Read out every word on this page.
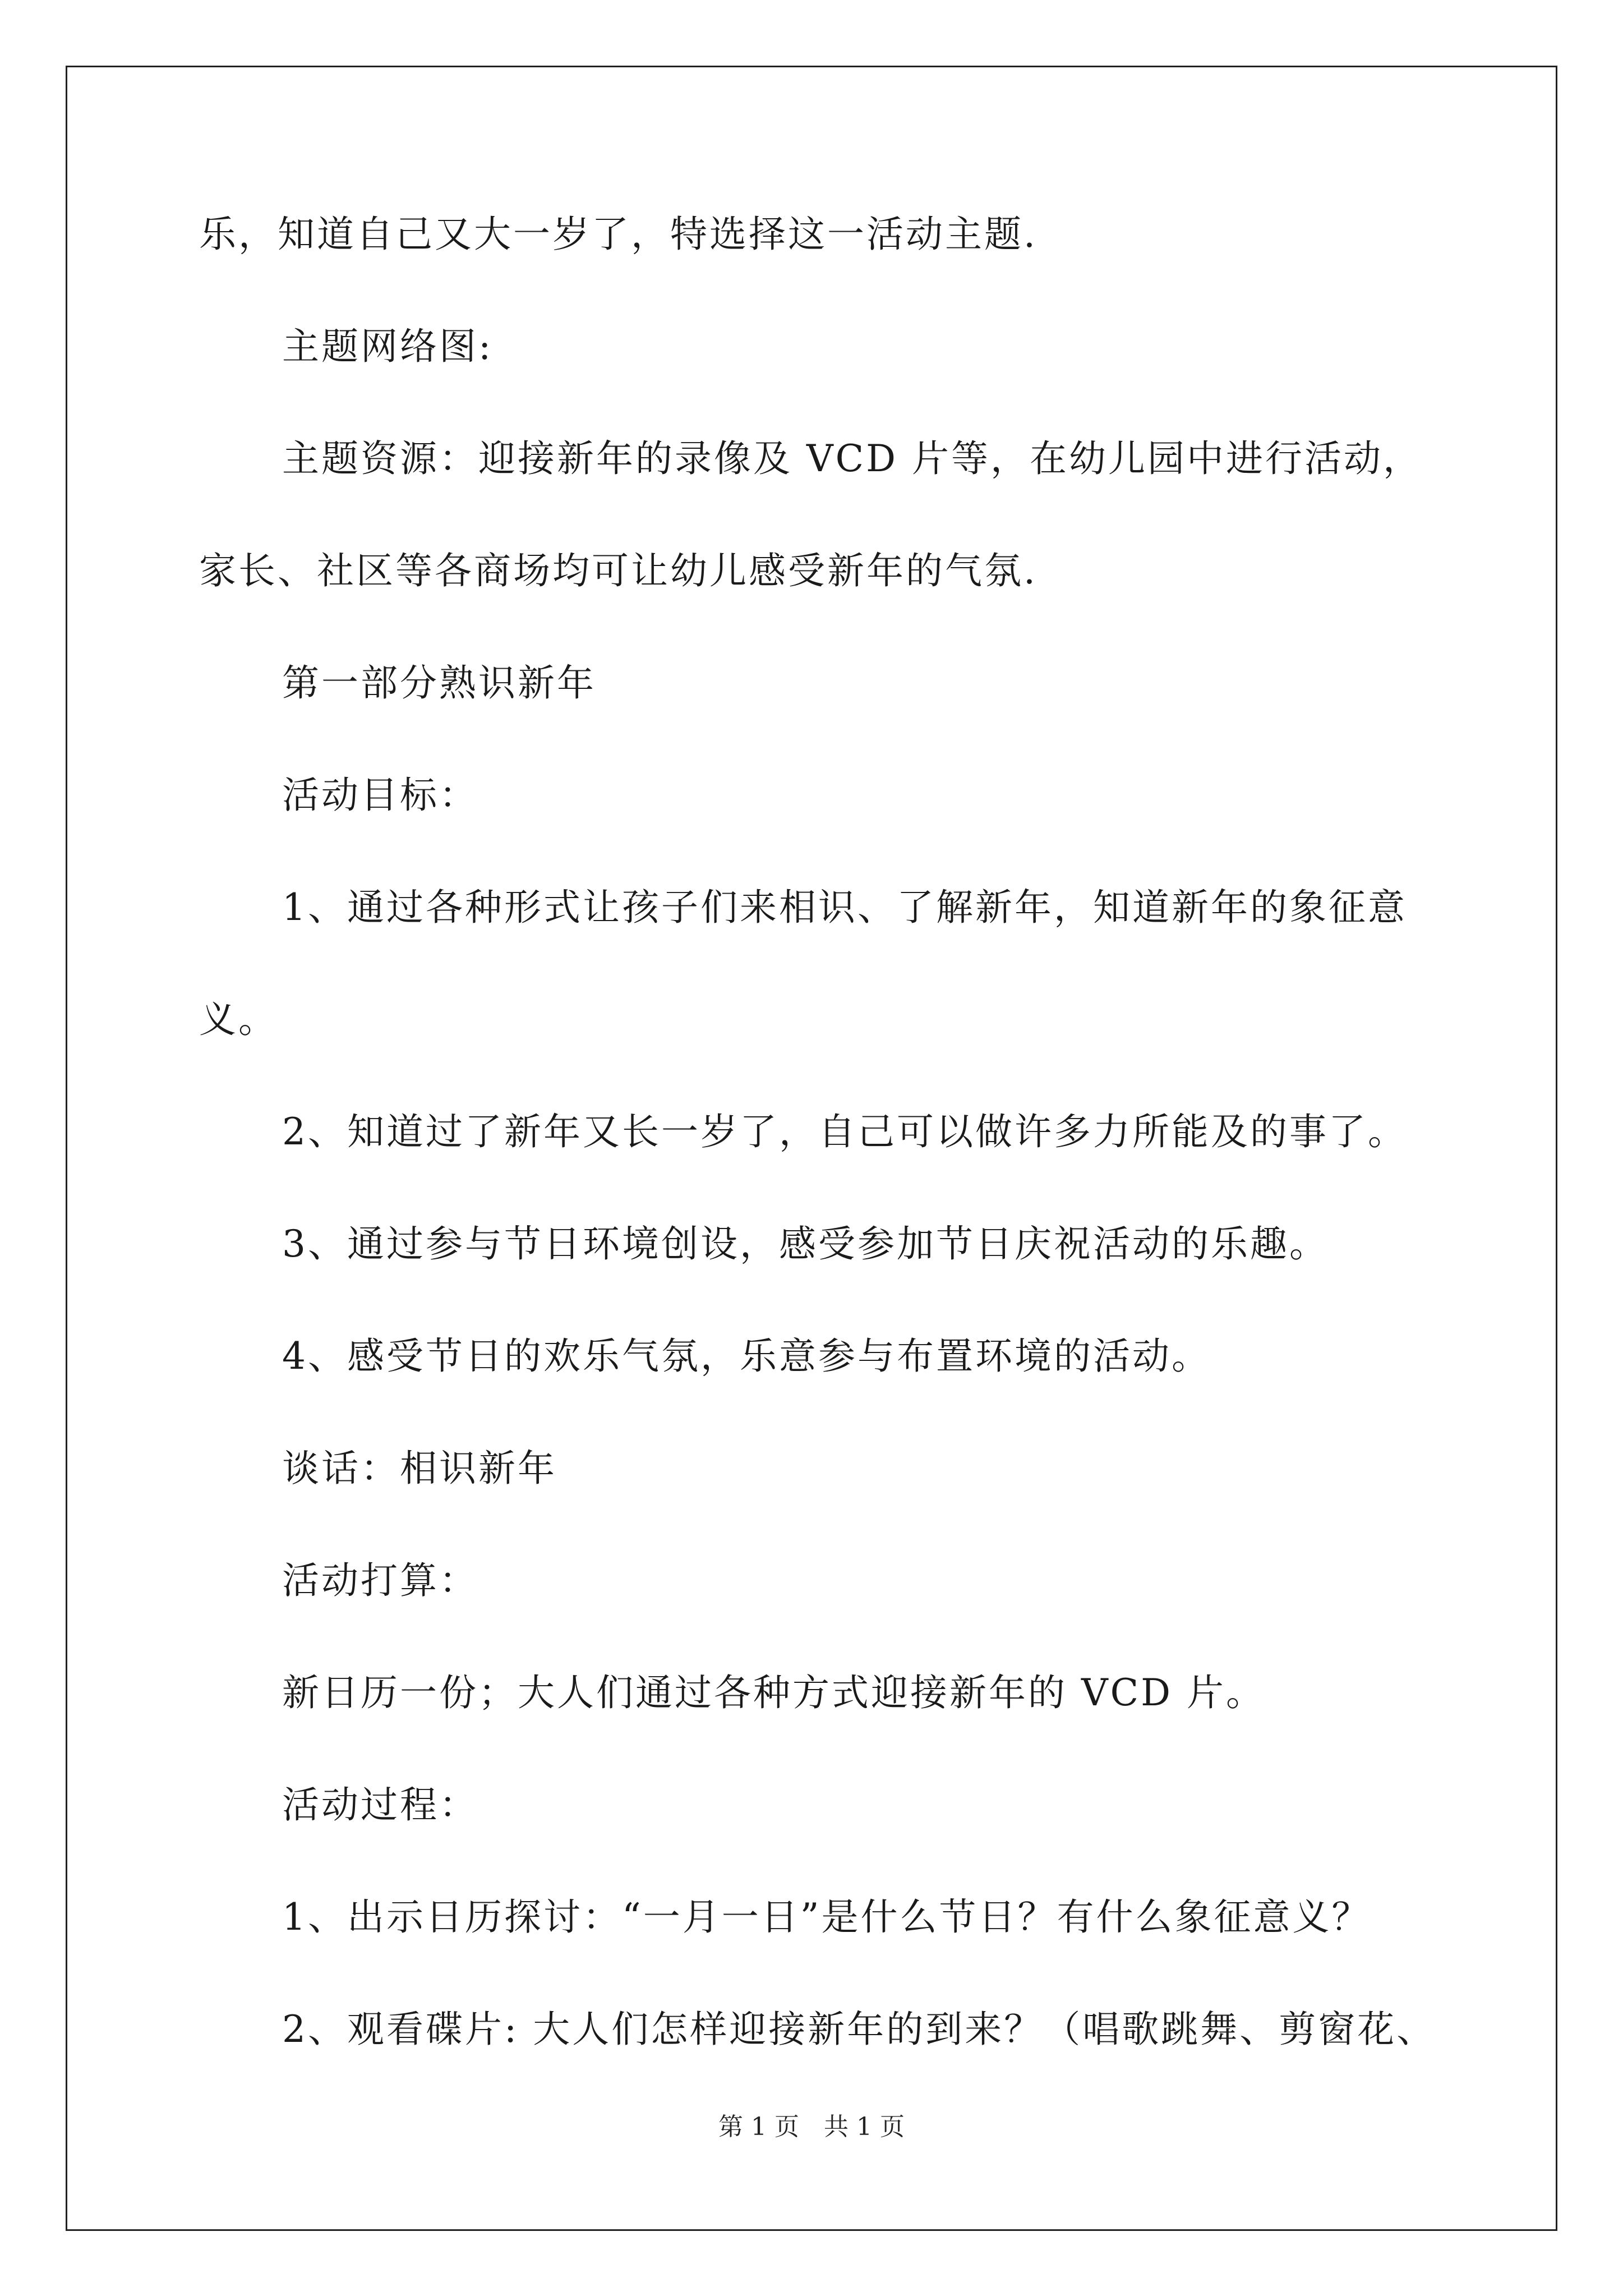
乐，知道自己又大一岁了，特选择这一活动主题.

主题网络图:

主题资源：迎接新年的录像及 VCD 片等，在幼儿园中进行活动，

家长、社区等各商场均可让幼儿感受新年的气氛.

第一部分熟识新年

活动目标：

1、通过各种形式让孩子们来相识、了解新年，知道新年的象征意

义。

2、知道过了新年又长一岁了，自己可以做许多力所能及的事了。

3、通过参与节日环境创设，感受参加节日庆祝活动的乐趣。

4、感受节日的欢乐气氛，乐意参与布置环境的活动。

谈话：相识新年

活动打算：

新日历一份；大人们通过各种方式迎接新年的 VCD 片。

活动过程：

1、出示日历探讨：“一月一日”是什么节日？有什么象征意义？

2、观看碟片: 大人们怎样迎接新年的到来？（唱歌跳舞、剪窗花、

第 1 页　共 1 页
